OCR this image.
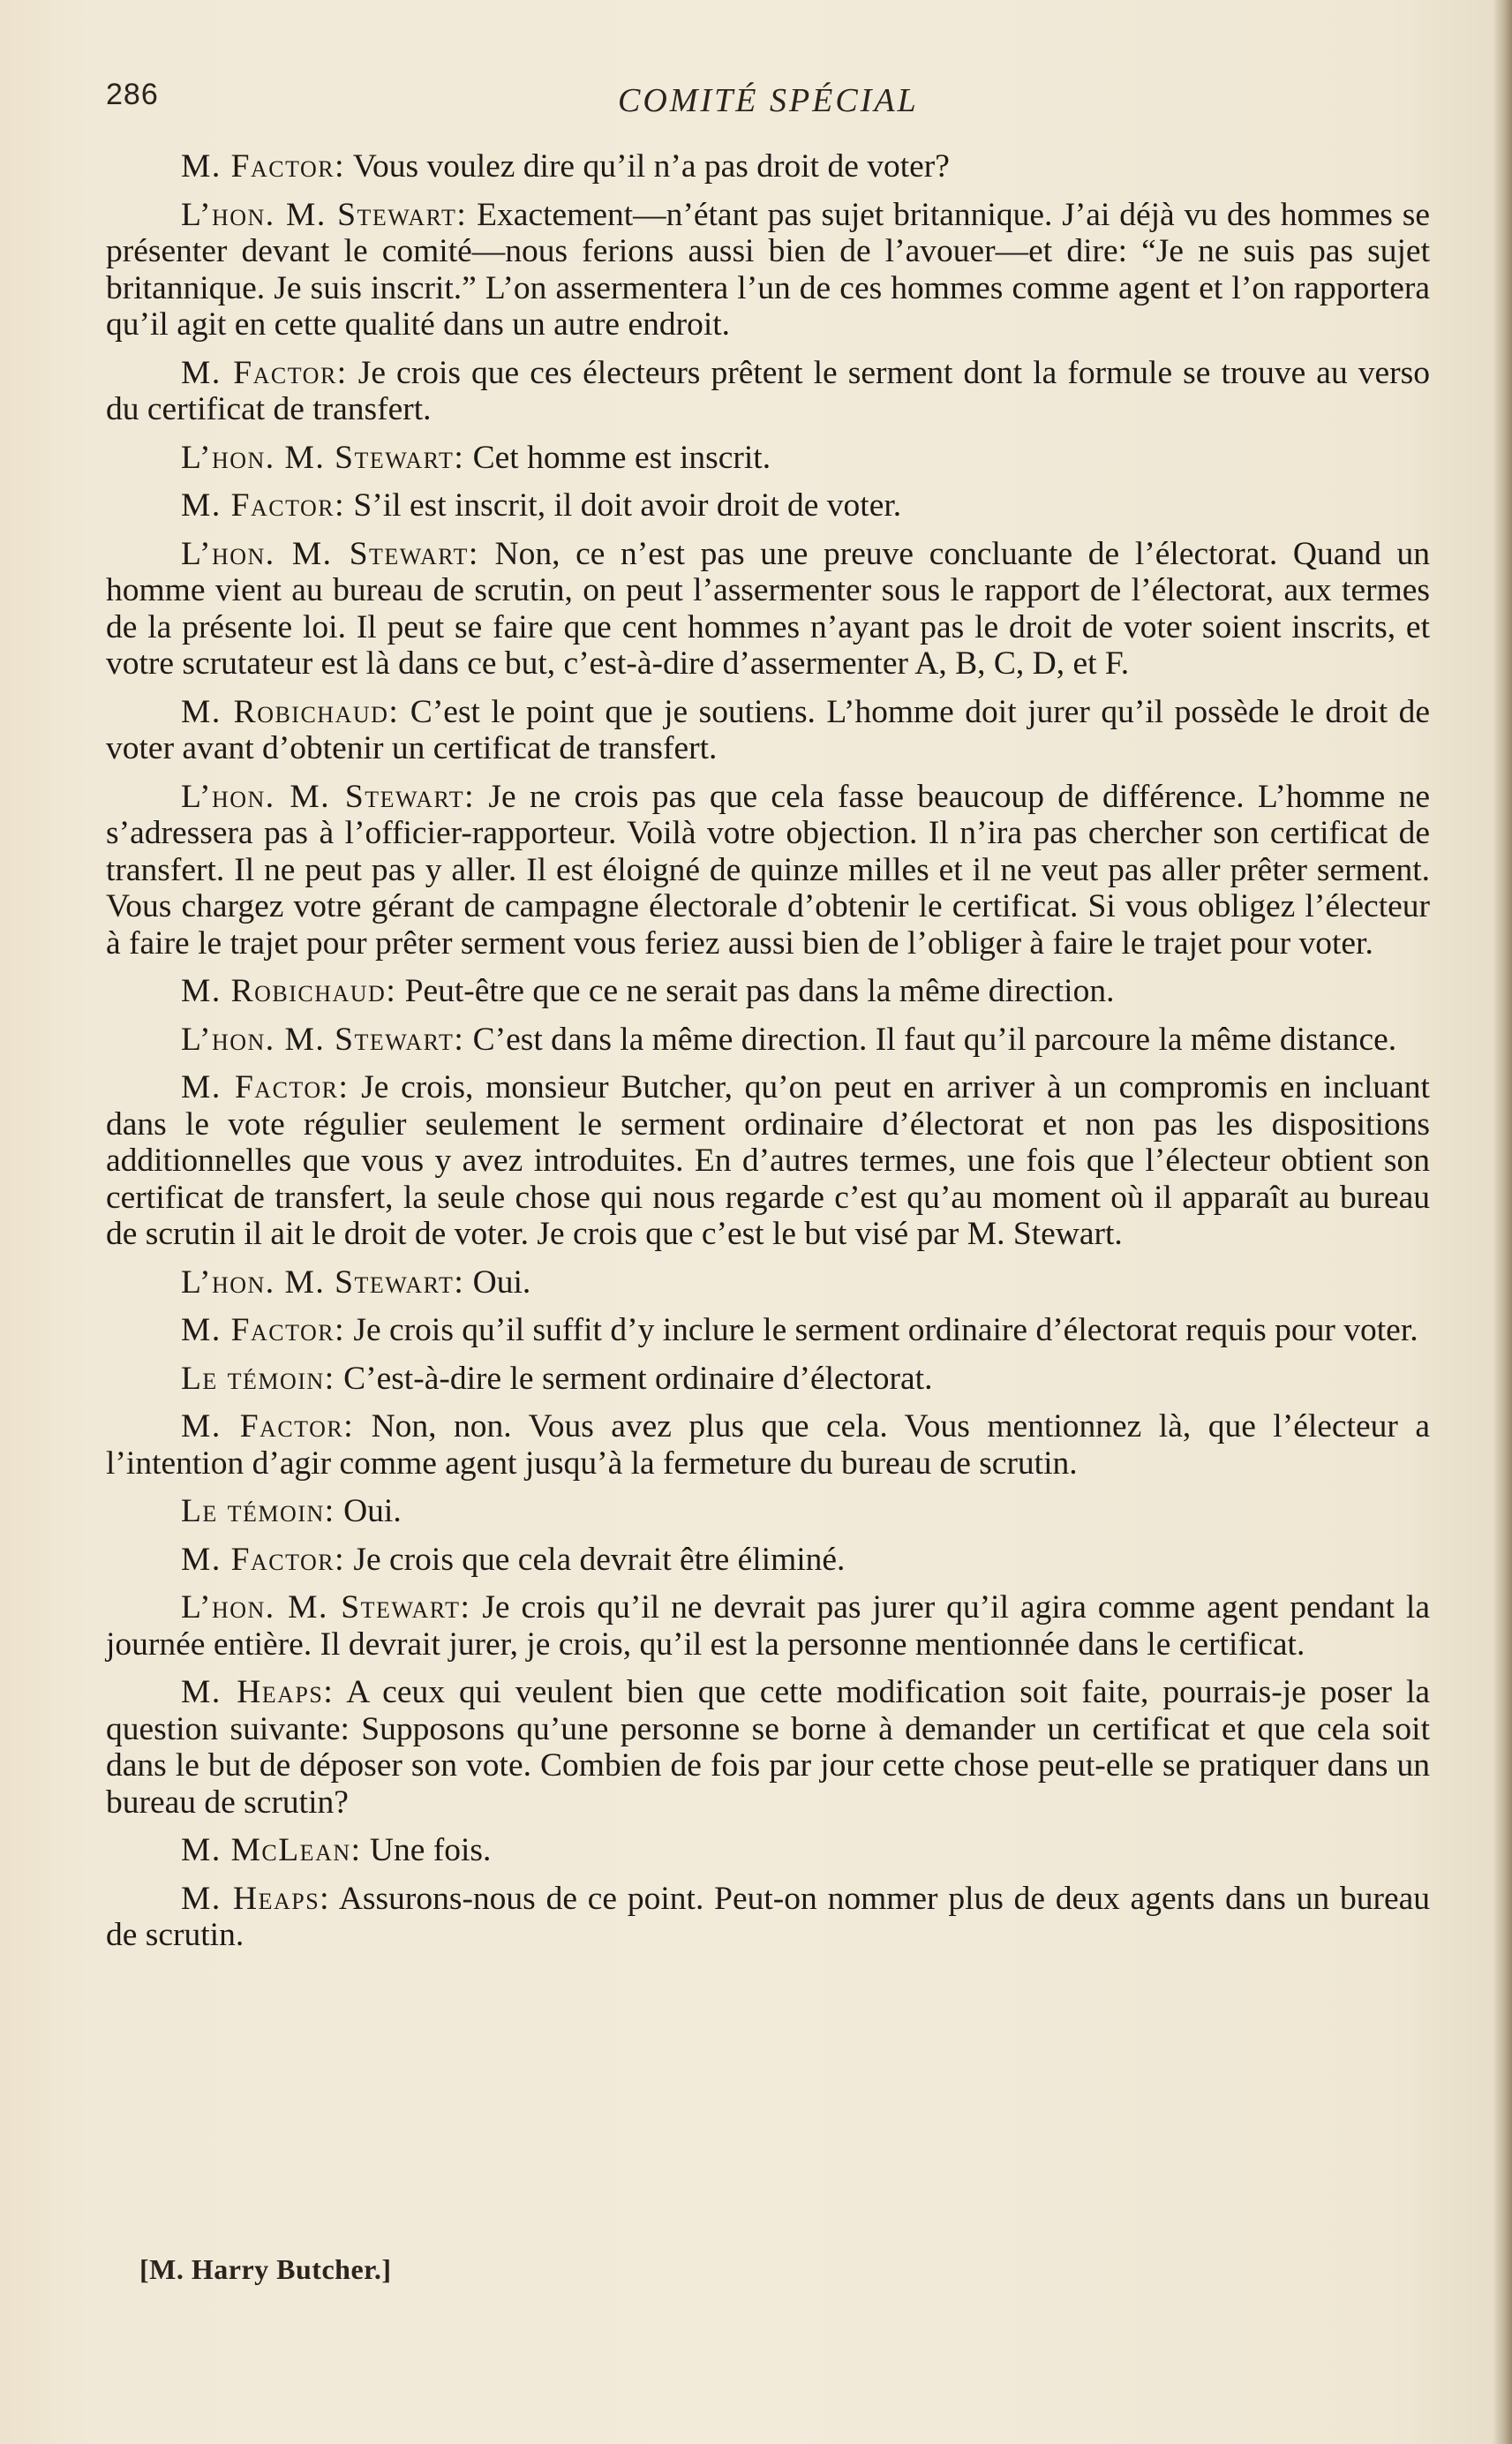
286	COMITÉ SPÉCIAL

M. Factor: Vous voulez dire qu’il n’a pas droit de voter?

L’hon. M. Stewart: Exactement—n’étant pas sujet britannique. J’ai déjà vu des hommes se présenter devant le comité—nous ferions aussi bien de l’avouer—et dire: “Je ne suis pas sujet britannique. Je suis inscrit.” L’on assermentera l’un de ces hommes comme agent et l’on rapportera qu’il agit en cette qualité dans un autre endroit.

M. Factor: Je crois que ces électeurs prêtent le serment dont la formule se trouve au verso du certificat de transfert.

L’hon. M. Stewart: Cet homme est inscrit.

M. Factor: S’il est inscrit, il doit avoir droit de voter.

L’hon. M. Stewart: Non, ce n’est pas une preuve concluante de l’électorat. Quand un homme vient au bureau de scrutin, on peut l’assermenter sous le rapport de l’électorat, aux termes de la présente loi. Il peut se faire que cent hommes n’ayant pas le droit de voter soient inscrits, et votre scrutateur est là dans ce but, c’est-à-dire d’assermenter A, B, C, D, et F.

M. Robichaud: C’est le point que je soutiens. L’homme doit jurer qu’il possède le droit de voter avant d’obtenir un certificat de transfert.

L’hon. M. Stewart: Je ne crois pas que cela fasse beaucoup de différence. L’homme ne s’adressera pas à l’officier-rapporteur. Voilà votre objection. Il n’ira pas chercher son certificat de transfert. Il ne peut pas y aller. Il est éloigné de quinze milles et il ne veut pas aller prêter serment. Vous chargez votre gérant de campagne électorale d’obtenir le certificat. Si vous obligez l’électeur à faire le trajet pour prêter serment vous feriez aussi bien de l’obliger à faire le trajet pour voter.

M. Robichaud: Peut-être que ce ne serait pas dans la même direction.

L’hon. M. Stewart: C’est dans la même direction. Il faut qu’il parcoure la même distance.

M. Factor: Je crois, monsieur Butcher, qu’on peut en arriver à un compromis en incluant dans le vote régulier seulement le serment ordinaire d’électorat et non pas les dispositions additionnelles que vous y avez introduites. En d’autres termes, une fois que l’électeur obtient son certificat de transfert, la seule chose qui nous regarde c’est qu’au moment où il apparaît au bureau de scrutin il ait le droit de voter. Je crois que c’est le but visé par M. Stewart.

L’hon. M. Stewart: Oui.

M. Factor: Je crois qu’il suffit d’y inclure le serment ordinaire d’électorat requis pour voter.

Le témoin: C’est-à-dire le serment ordinaire d’électorat.

M. Factor: Non, non. Vous avez plus que cela. Vous mentionnez là, que l’électeur a l’intention d’agir comme agent jusqu’à la fermeture du bureau de scrutin.

Le témoin: Oui.

M. Factor: Je crois que cela devrait être éliminé.

L’hon. M. Stewart: Je crois qu’il ne devrait pas jurer qu’il agira comme agent pendant la journée entière. Il devrait jurer, je crois, qu’il est la personne mentionnée dans le certificat.

M. Heaps: A ceux qui veulent bien que cette modification soit faite, pourrais-je poser la question suivante: Supposons qu’une personne se borne à demander un certificat et que cela soit dans le but de déposer son vote. Combien de fois par jour cette chose peut-elle se pratiquer dans un bureau de scrutin?

M. McLean: Une fois.

M. Heaps: Assurons-nous de ce point. Peut-on nommer plus de deux agents dans un bureau de scrutin.

[M. Harry Butcher.]
